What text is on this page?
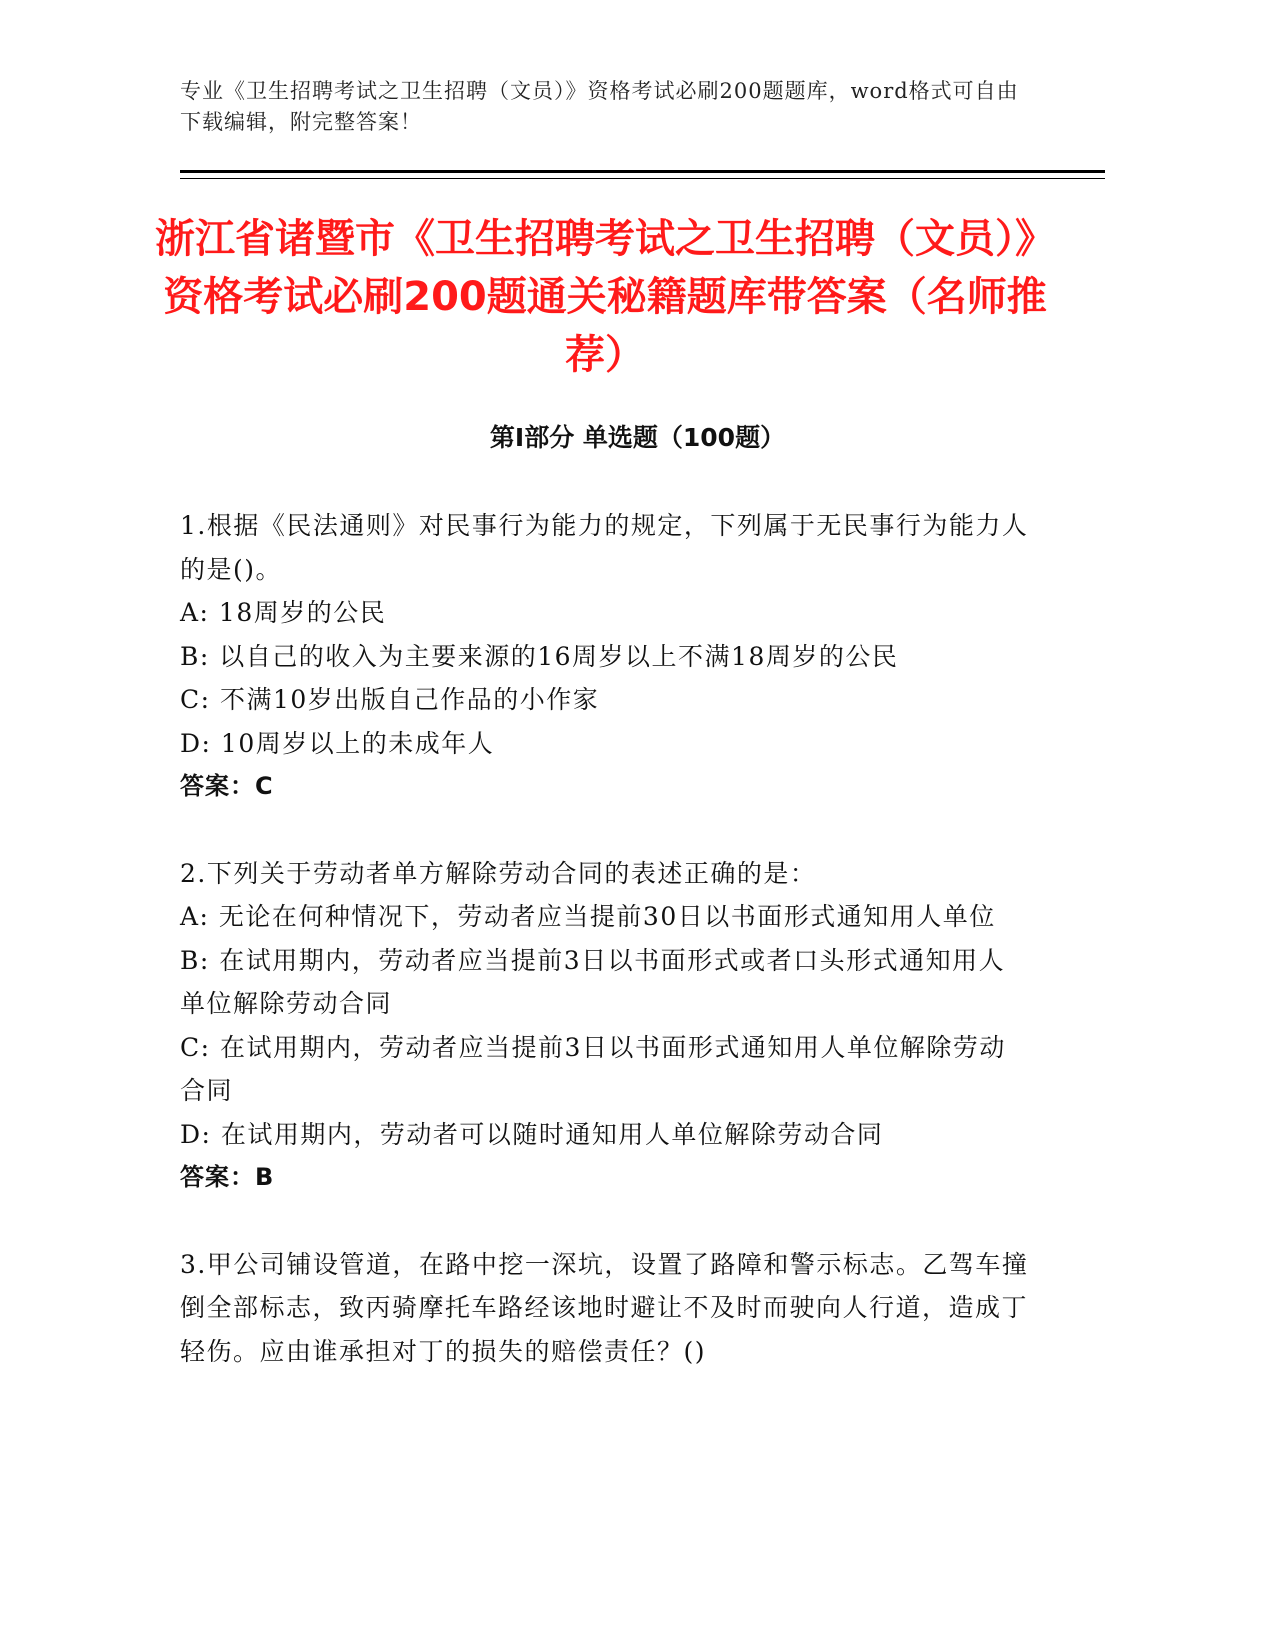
专业《卫生招聘考试之卫生招聘（文员）》资格考试必刷200题题库，word格式可自由下载编辑，附完整答案！
浙江省诸暨市《卫生招聘考试之卫生招聘（文员）》资格考试必刷200题通关秘籍题库带答案（名师推荐）
第I部分 单选题（100题）
1.根据《民法通则》对民事行为能力的规定，下列属于无民事行为能力人的是()。
A: 18周岁的公民
B: 以自己的收入为主要来源的16周岁以上不满18周岁的公民
C: 不满10岁出版自己作品的小作家
D: 10周岁以上的未成年人
答案：C
2.下列关于劳动者单方解除劳动合同的表述正确的是：
A: 无论在何种情况下，劳动者应当提前30日以书面形式通知用人单位
B: 在试用期内，劳动者应当提前3日以书面形式或者口头形式通知用人单位解除劳动合同
C: 在试用期内，劳动者应当提前3日以书面形式通知用人单位解除劳动合同
D: 在试用期内，劳动者可以随时通知用人单位解除劳动合同
答案：B
3.甲公司铺设管道，在路中挖一深坑，设置了路障和警示标志。乙驾车撞倒全部标志，致丙骑摩托车路经该地时避让不及时而驶向人行道，造成丁轻伤。应由谁承担对丁的损失的赔偿责任？()
